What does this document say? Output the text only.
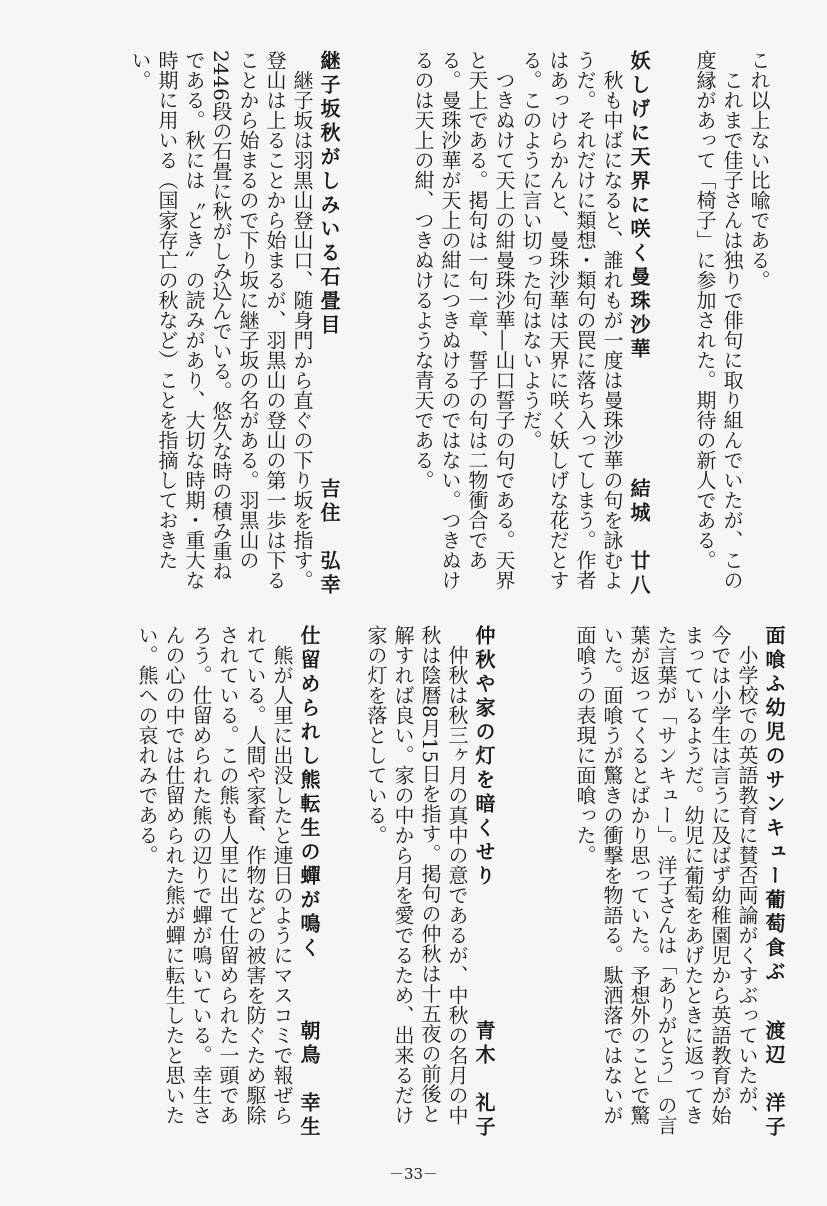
これ以上ない比喩である。

これまで佳子さんは独りで俳句に取り組んでいたが、この度縁があって「椅子」に参加された。期待の新人である。

妖しげに天界に咲く曼珠沙華
結城　廿八

秋も中ばになると、誰れもが一度は曼珠沙華の句を詠むようだ。それだけに類想・類句の罠に落ち入ってしまう。作者はあっけらかんと、曼珠沙華は天界に咲く妖しげな花だとする。このように言い切った句はないようだ。

つきぬけて天上の紺曼珠沙華―山口誓子の句である。天界と天上である。掲句は一句一章、誓子の句は二物衝合である。曼珠沙華が天上の紺につきぬけるのではない。つきぬけるのは天上の紺、つきぬけるような青天である。

継子坂秋がしみいる石畳目
吉住　弘幸

継子坂は羽黒山登山口、随身門から直ぐの下り坂を指す。登山は上ることから始まるが、羽黒山の登山の第一歩は下ることから始まるので下り坂に継子坂の名がある。羽黒山の2446段の石畳に秋がしみ込んでいる。悠久な時の積み重ねである。秋には〝とき〟の読みがあり、大切な時期・重大な時期に用いる（国家存亡の秋など）ことを指摘しておきたい。

面喰ふ幼児のサンキュー葡萄食ぶ
渡辺　洋子

小学校での英語教育に賛否両論がくすぶっていたが、今では小学生は言うに及ばず幼稚園児から英語教育が始まっているようだ。幼児に葡萄をあげたときに返ってきた言葉が「サンキュー」。洋子さんは「ありがとう」の言葉が返ってくるとばかり思っていた。予想外のことで驚いた。面喰うが驚きの衝撃を物語る。駄洒落ではないが面喰うの表現に面喰った。

仲秋や家の灯を暗くせり
青木　礼子

仲秋は秋三ヶ月の真中の意であるが、中秋の名月の中秋は陰暦8月15日を指す。掲句の仲秋は十五夜の前後と解すれば良い。家の中から月を愛でるため、出来るだけ家の灯を落としている。

仕留められし熊転生の蟬が鳴く
朝鳥　幸生

熊が人里に出没したと連日のようにマスコミで報ぜられている。人間や家畜、作物などの被害を防ぐため駆除されている。この熊も人里に出て仕留められた一頭であろう。仕留められた熊の辺りで蟬が鳴いている。幸生さんの心の中では仕留められた熊が蟬に転生したと思いたい。熊への哀れみである。

－33－
